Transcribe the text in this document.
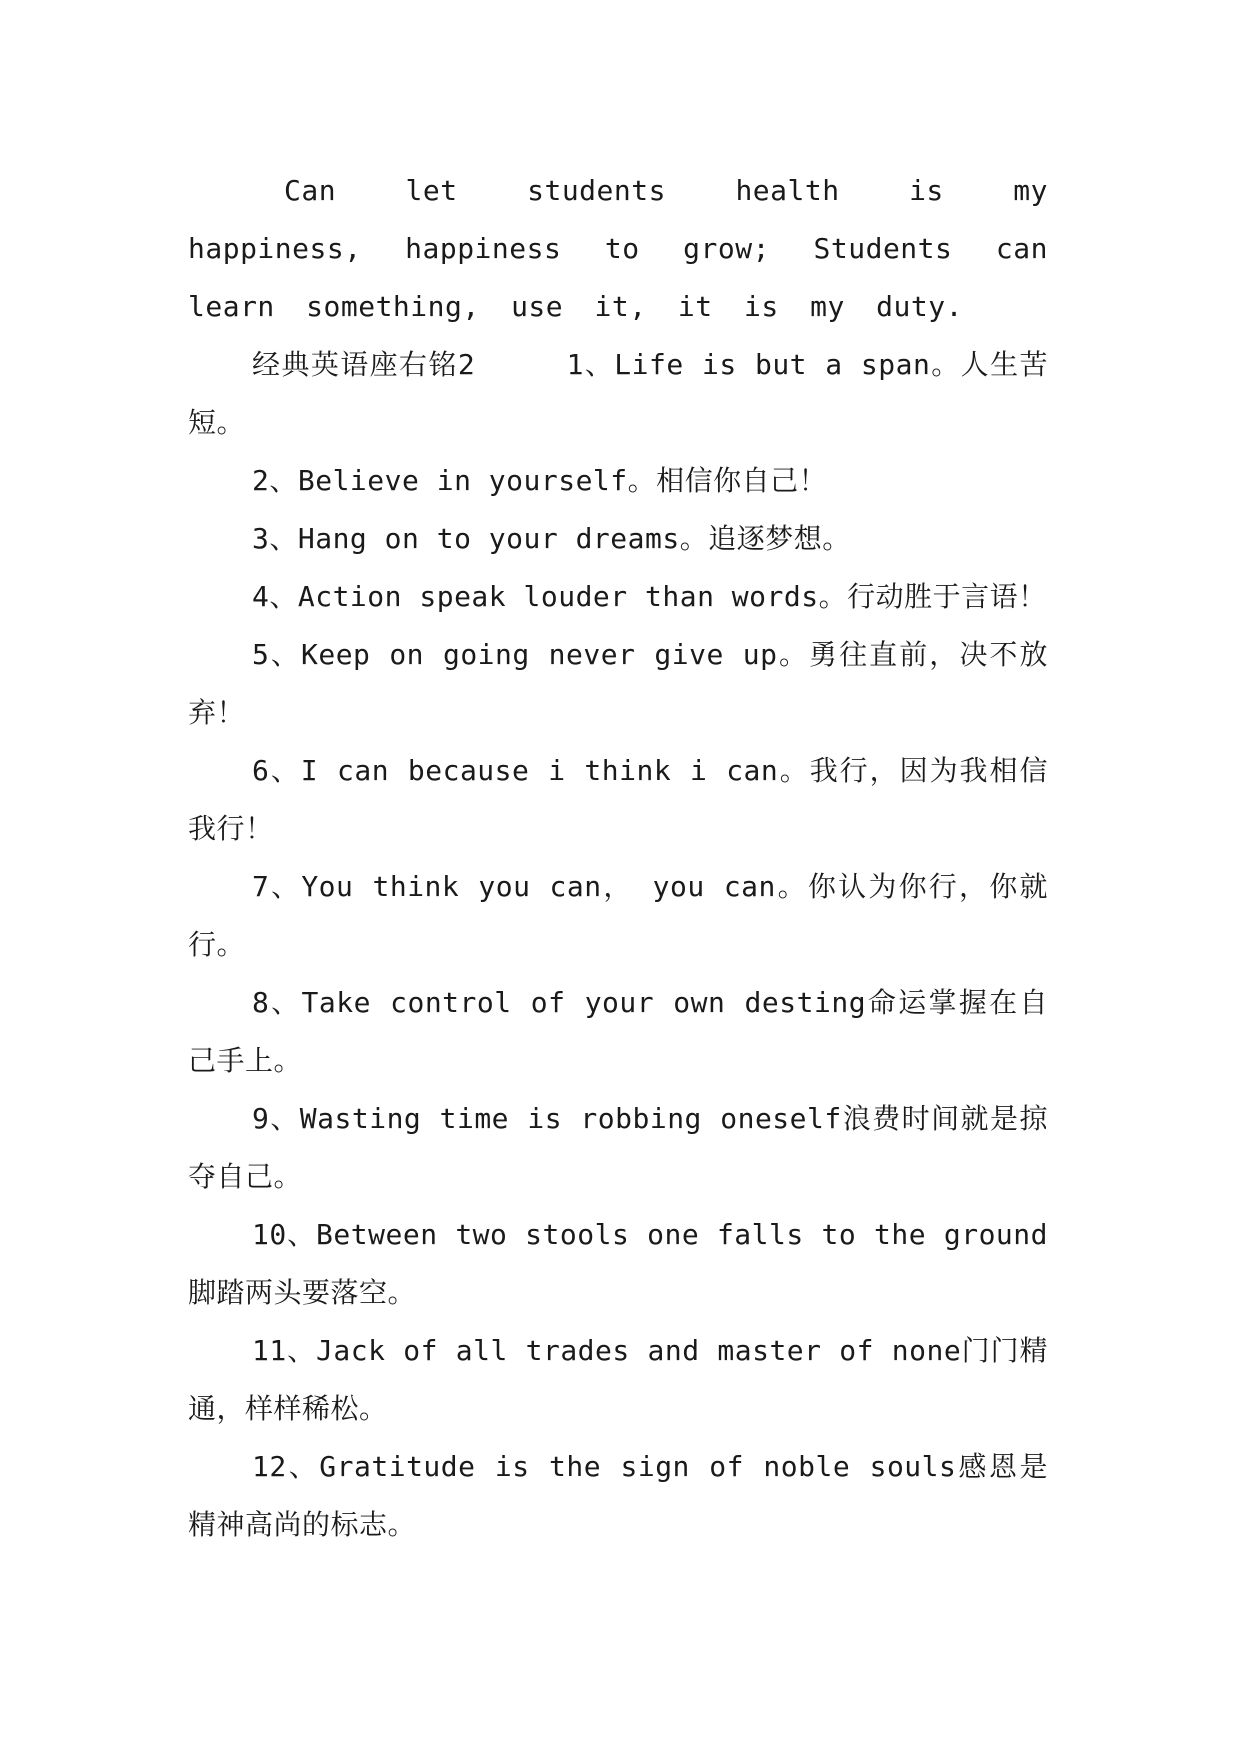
Can let students health is my happiness, happiness to grow; Students can learn something, use it, it is my duty.

经典英语座右铭2	1、Life is but a span。人生苦短。

2、Believe in yourself。相信你自己！

3、Hang on to your dreams。追逐梦想。

4、Action speak louder than words。行动胜于言语！

5、Keep on going never give up。勇往直前，决不放弃！

6、I can because i think i can。我行，因为我相信我行！

7、You think you can， you can。你认为你行，你就行。

8、Take control of your own desting命运掌握在自己手上。

9、Wasting time is robbing oneself浪费时间就是掠夺自己。

10、Between two stools one falls to the ground脚踏两头要落空。

11、Jack of all trades and master of none门门精通，样样稀松。

12、Gratitude is the sign of noble souls感恩是精神高尚的标志。
